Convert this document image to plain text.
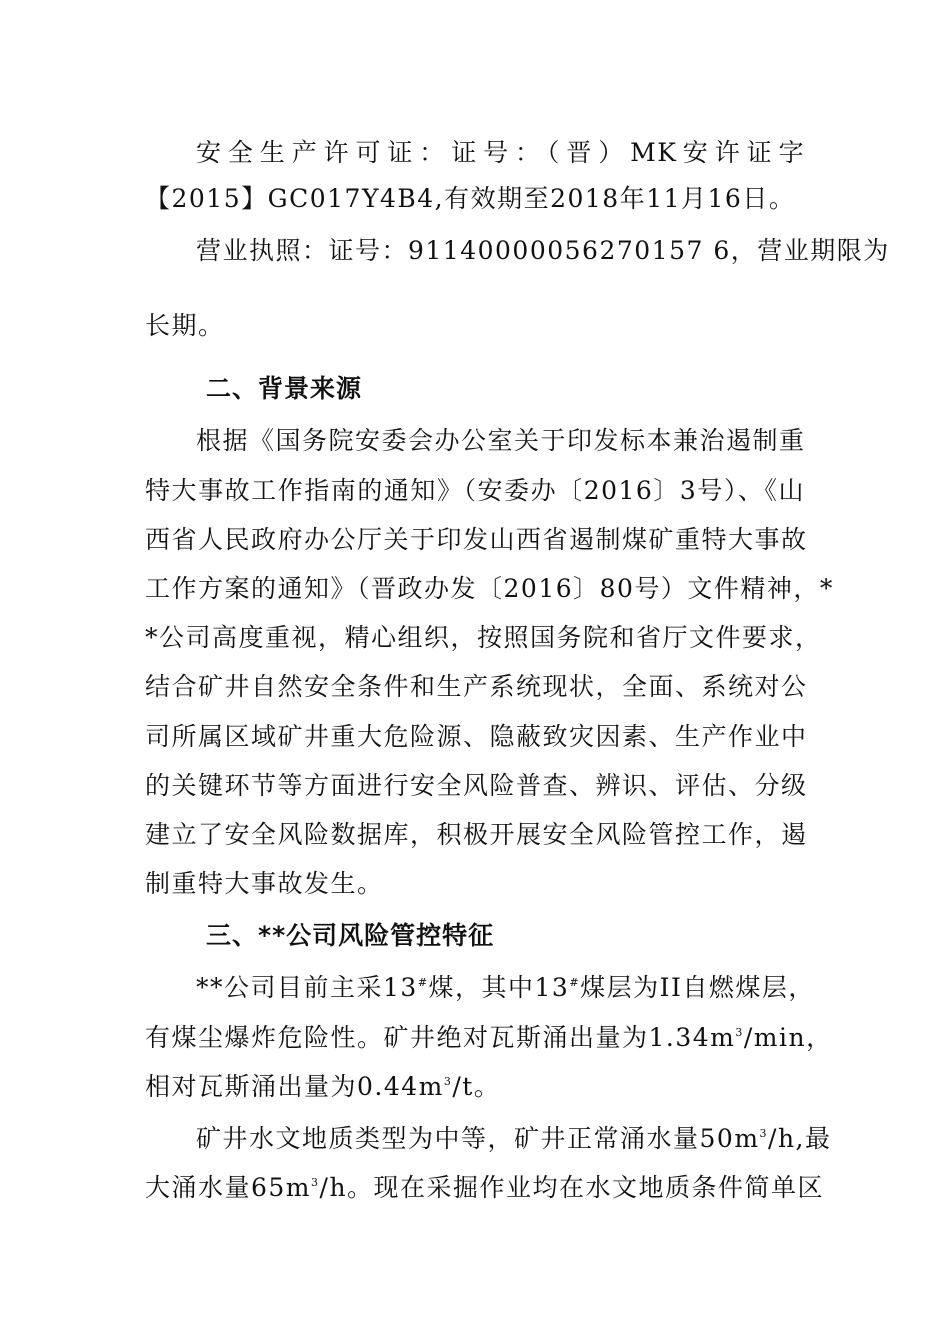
安全生产许可证：证号：（晋）MK安许证字
【2015】GC017Y4B4,有效期至2018年11月16日。
营业执照：证号：91140000056270157 6，营业期限为
长期。
二、背景来源
根据《国务院安委会办公室关于印发标本兼治遏制重
特大事故工作指南的通知》（安委办〔2016〕3号）、《山
西省人民政府办公厅关于印发山西省遏制煤矿重特大事故
工作方案的通知》（晋政办发〔2016〕80号）文件精神，*
*公司高度重视，精心组织，按照国务院和省厅文件要求，
结合矿井自然安全条件和生产系统现状，全面、系统对公
司所属区域矿井重大危险源、隐蔽致灾因素、生产作业中
的关键环节等方面进行安全风险普查、辨识、评估、分级
建立了安全风险数据库，积极开展安全风险管控工作，遏
制重特大事故发生。
三、**公司风险管控特征
**公司目前主采13#煤，其中13#煤层为II自燃煤层，
有煤尘爆炸危险性。矿井绝对瓦斯涌出量为$1.34m^3/\min$，
相对瓦斯涌出量为$0.44m^3/t$。
矿井水文地质类型为中等，矿井正常涌水量$50m^3/h$,最
大涌水量$65m^3/h$。现在采掘作业均在水文地质条件简单区
